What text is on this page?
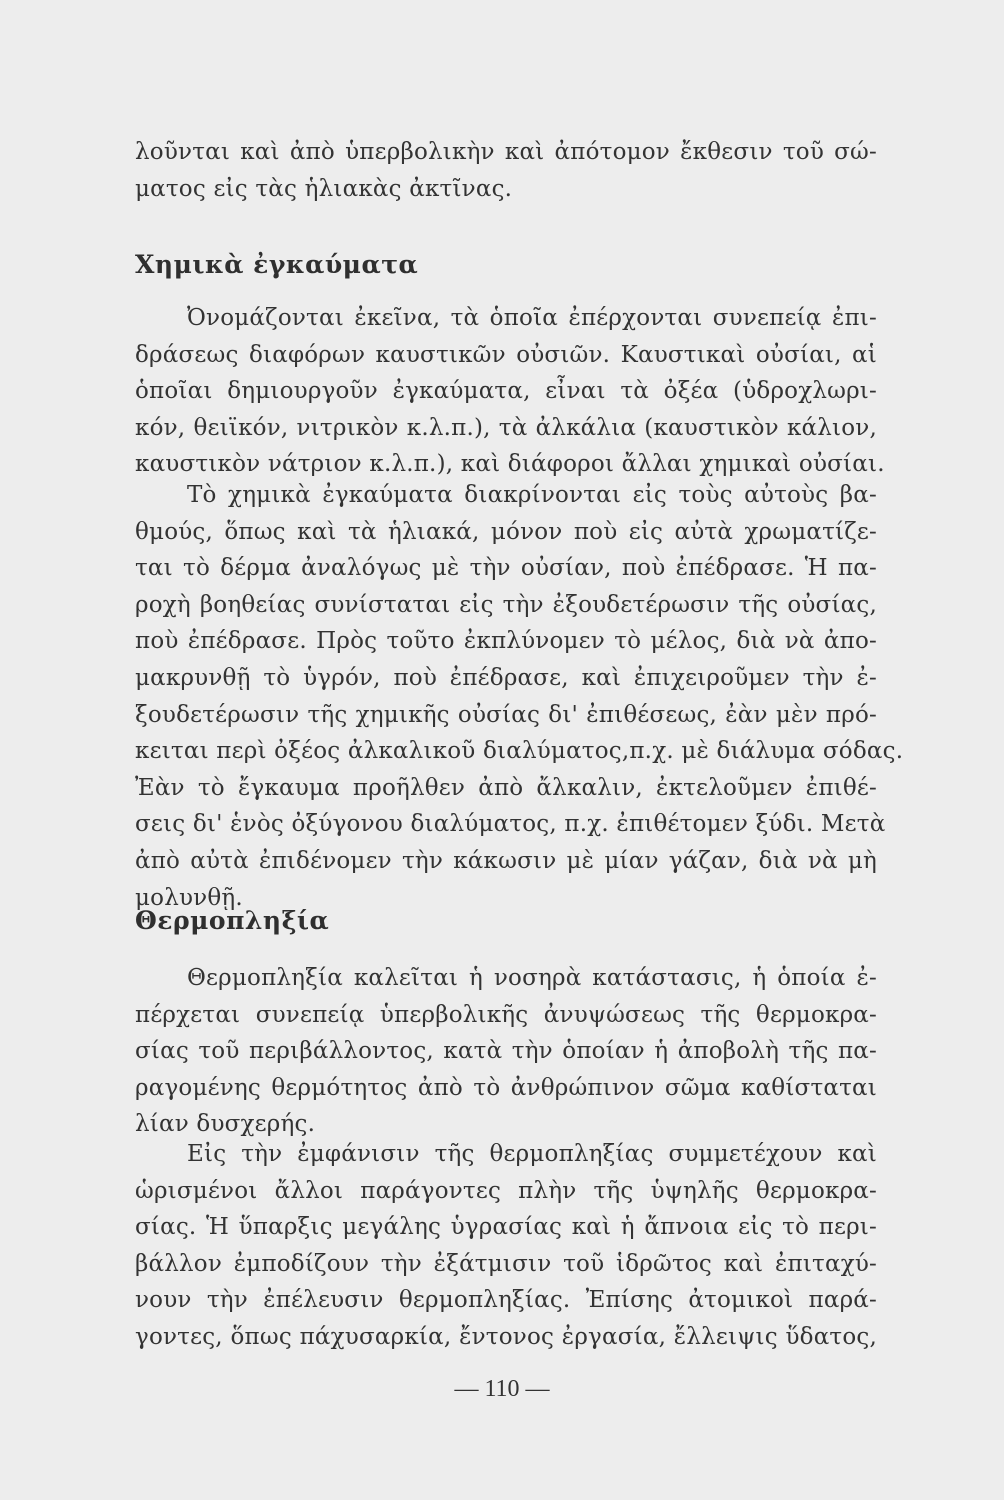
λοῦνται καὶ ἀπὸ ὑπερβολικὴν καὶ ἀπότομον ἔκθεσιν τοῦ σώ-
ματος εἰς τὰς ἡλιακὰς ἀκτῖνας.
Χημικὰ ἐγκαύματα
Ὀνομάζονται ἐκεῖνα, τὰ ὁποῖα ἐπέρχονται συνεπείᾳ ἐπι-
δράσεως διαφόρων καυστικῶν οὐσιῶν. Καυστικαὶ οὐσίαι, αἱ
ὁποῖαι δημιουργοῦν ἐγκαύματα, εἶναι τὰ ὀξέα (ὑδροχλωρι-
κόν, θειϊκόν, νιτρικὸν κ.λ.π.), τὰ ἀλκάλια (καυστικὸν κάλιον,
καυστικὸν νάτριον κ.λ.π.), καὶ διάφοροι ἄλλαι χημικαὶ οὐσίαι.
Τὸ χημικὰ ἐγκαύματα διακρίνονται εἰς τοὺς αὐτοὺς βα-
θμούς, ὅπως καὶ τὰ ἡλιακά, μόνον ποὺ εἰς αὐτὰ χρωματίζε-
ται τὸ δέρμα ἀναλόγως μὲ τὴν οὐσίαν, ποὺ ἐπέδρασε. Ἡ πα-
ροχὴ βοηθείας συνίσταται εἰς τὴν ἐξουδετέρωσιν τῆς οὐσίας,
ποὺ ἐπέδρασε. Πρὸς τοῦτο ἐκπλύνομεν τὸ μέλος, διὰ νὰ ἀπο-
μακρυνθῇ τὸ ὑγρόν, ποὺ ἐπέδρασε, καὶ ἐπιχειροῦμεν τὴν ἐ-
ξουδετέρωσιν τῆς χημικῆς οὐσίας δι' ἐπιθέσεως, ἐὰν μὲν πρό-
κειται περὶ ὀξέος ἀλκαλικοῦ διαλύματος,π.χ. μὲ διάλυμα σόδας.
Ἐὰν τὸ ἔγκαυμα προῆλθεν ἀπὸ ἄλκαλιν, ἐκτελοῦμεν ἐπιθέ-
σεις δι' ἑνὸς ὀξύγονου διαλύματος, π.χ. ἐπιθέτομεν ξύδι. Μετὰ
ἀπὸ αὐτὰ ἐπιδένομεν τὴν κάκωσιν μὲ μίαν γάζαν, διὰ νὰ μὴ
μολυνθῇ.
Θερμοπληξία
Θερμοπληξία καλεῖται ἡ νοσηρὰ κατάστασις, ἡ ὁποία ἐ-
πέρχεται συνεπείᾳ ὑπερβολικῆς ἀνυψώσεως τῆς θερμοκρα-
σίας τοῦ περιβάλλοντος, κατὰ τὴν ὁποίαν ἡ ἀποβολὴ τῆς πα-
ραγομένης θερμότητος ἀπὸ τὸ ἀνθρώπινον σῶμα καθίσταται
λίαν δυσχερής.
Εἰς τὴν ἐμφάνισιν τῆς θερμοπληξίας συμμετέχουν καὶ
ὡρισμένοι ἄλλοι παράγοντες πλὴν τῆς ὑψηλῆς θερμοκρα-
σίας. Ἡ ὕπαρξις μεγάλης ὑγρασίας καὶ ἡ ἄπνοια εἰς τὸ περι-
βάλλον ἐμποδίζουν τὴν ἐξάτμισιν τοῦ ἱδρῶτος καὶ ἐπιταχύ-
νουν τὴν ἐπέλευσιν θερμοπληξίας. Ἐπίσης ἀτομικοὶ παρά-
γοντες, ὅπως πάχυσαρκία, ἔντονος ἐργασία, ἔλλειψις ὕδατος,
— 110 —
